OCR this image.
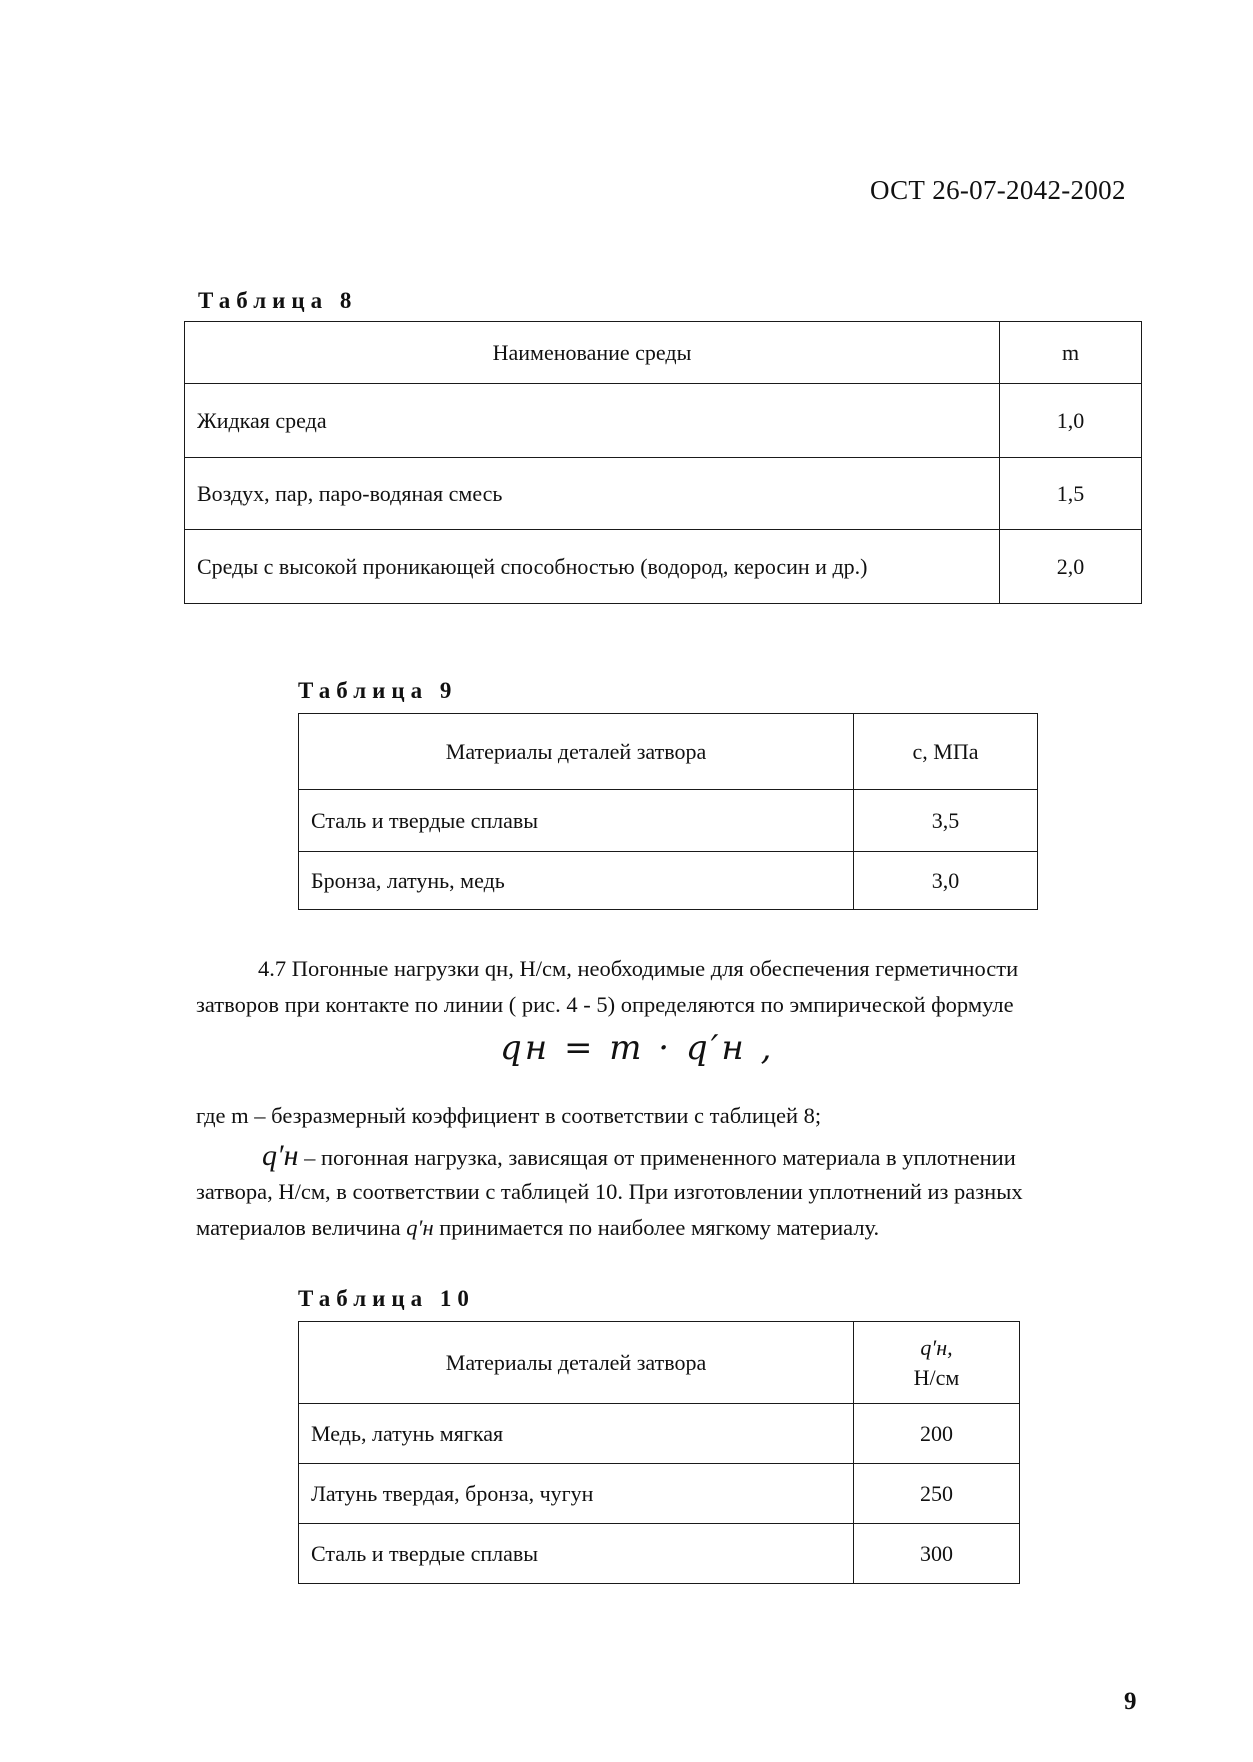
ОСТ 26-07-2042-2002
Таблица 8
Наименование среды	m
Жидкая среда	1,0
Воздух, пар, паро-водяная смесь	1,5
Среды с высокой проникающей способностью (водород, керосин и др.)	2,0
Таблица 9
Материалы деталей затвора	с, МПа
Сталь и твердые сплавы	3,5
Бронза, латунь, медь	3,0
4.7 Погонные нагрузки qн, Н/см, необходимые для обеспечения герметичности
затворов при контакте по линии ( рис. 4 - 5) определяются по эмпирической формуле
qн = m · q′н ,
где m – безразмерный коэффициент в соответствии с таблицей 8;
q′н – погонная нагрузка, зависящая от примененного материала в уплотнении
затвора, Н/см, в соответствии с таблицей 10. При изготовлении уплотнений из разных
материалов величина q′н принимается по наиболее мягкому материалу.
Таблица 10
Материалы деталей затвора	q′н,
Н/см

Медь, латунь мягкая	200
Латунь твердая, бронза, чугун	250
Сталь и твердые сплавы	300
9
